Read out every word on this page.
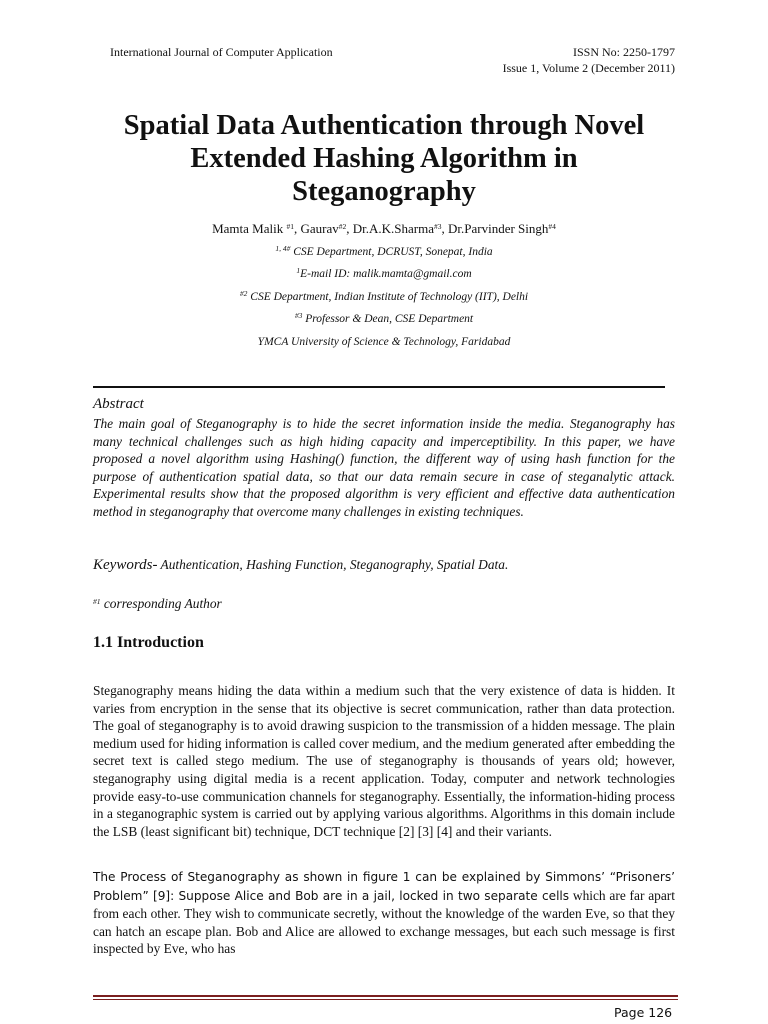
International Journal of Computer Application	ISSN No: 2250-1797
Issue 1, Volume 2 (December 2011)
Spatial Data Authentication through Novel
Extended Hashing Algorithm in
Steganography
Mamta Malik $^{\#1}$, Gaurav$^{\#2}$, Dr.A.K.Sharma$^{\#3}$, Dr.Parvinder Singh$^{\#4}$
$^{1, 4\#}$ CSE Department, DCRUST, Sonepat, India
$^1$E-mail ID: malik.mamta@gmail.com
$^{\#2}$ CSE Department, Indian Institute of Technology (IIT), Delhi
$^{\#3}$ Professor & Dean, CSE Department
YMCA University of Science & Technology, Faridabad
Abstract
The main goal of Steganography is to hide the secret information inside the media. Steganography has many technical challenges such as high hiding capacity and imperceptibility. In this paper, we have proposed a novel algorithm using Hashing() function, the different way of using hash function for the purpose of authentication spatial data, so that our data remain secure in case of steganalytic attack. Experimental results show that the proposed algorithm is very efficient and effective data authentication method in steganography that overcome many challenges in existing techniques.
Keywords- Authentication, Hashing Function, Steganography, Spatial Data.
$^{\#1}$ corresponding Author
1.1 Introduction
Steganography means hiding the data within a medium such that the very existence of data is hidden. It varies from encryption in the sense that its objective is secret communication, rather than data protection. The goal of steganography is to avoid drawing suspicion to the transmission of a hidden message. The plain medium used for hiding information is called cover medium, and the medium generated after embedding the secret text is called stego medium. The use of steganography is thousands of years old; however, steganography using digital media is a recent application. Today, computer and network technologies provide easy-to-use communication channels for steganography. Essentially, the information-hiding process in a steganographic system is carried out by applying various algorithms. Algorithms in this domain include the LSB (least significant bit) technique, DCT technique [2] [3] [4] and their variants.
The Process of Steganography as shown in figure 1 can be explained by Simmons’ “Prisoners’ Problem” [9]: Suppose Alice and Bob are in a jail, locked in two separate cells which are far apart from each other. They wish to communicate secretly, without the knowledge of the warden Eve, so that they can hatch an escape plan. Bob and Alice are allowed to exchange messages, but each such message is first inspected by Eve, who has
Page 126
